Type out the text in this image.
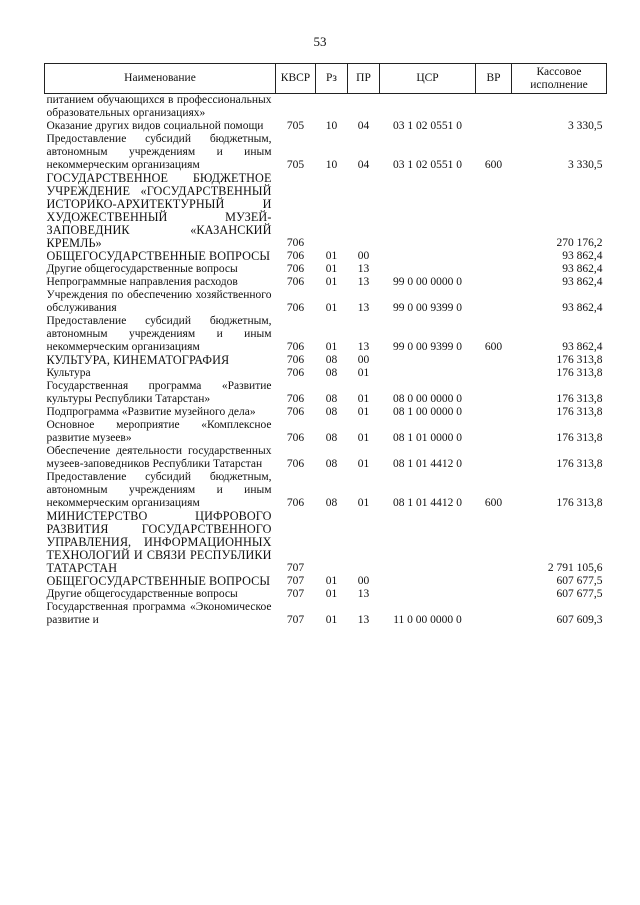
53
Наименование	КВСР	Рз	ПР	ЦСР	ВР	Кассовое исполнение
питанием обучающихся в профессиональных образовательных организациях»						
Оказание других видов социальной помощи	705	10	04	03 1 02 0551 0		3 330,5
Предоставление субсидий бюджетным, автономным учреждениям и иным некоммерческим организациям	705	10	04	03 1 02 0551 0	600	3 330,5
ГОСУДАРСТВЕННОЕ БЮДЖЕТНОЕ УЧРЕЖДЕНИЕ «ГОСУДАРСТВЕННЫЙ ИСТОРИКО-АРХИТЕКТУРНЫЙ И ХУДОЖЕСТВЕННЫЙ МУЗЕЙ-ЗАПОВЕДНИК «КАЗАНСКИЙ КРЕМЛЬ»	706					270 176,2
ОБЩЕГОСУДАРСТВЕННЫЕ ВОПРОСЫ	706	01	00			93 862,4
Другие общегосударственные вопросы	706	01	13			93 862,4
Непрограммные направления расходов	706	01	13	99 0 00 0000 0		93 862,4
Учреждения по обеспечению хозяйственного обслуживания	706	01	13	99 0 00 9399 0		93 862,4
Предоставление субсидий бюджетным, автономным учреждениям и иным некоммерческим организациям	706	01	13	99 0 00 9399 0	600	93 862,4
КУЛЬТУРА, КИНЕМАТОГРАФИЯ	706	08	00			176 313,8
Культура	706	08	01			176 313,8
Государственная программа «Развитие культуры Республики Татарстан»	706	08	01	08 0 00 0000 0		176 313,8
Подпрограмма «Развитие музейного дела»	706	08	01	08 1 00 0000 0		176 313,8
Основное мероприятие «Комплексное развитие музеев»	706	08	01	08 1 01 0000 0		176 313,8
Обеспечение деятельности государственных музеев-заповедников Республики Татарстан	706	08	01	08 1 01 4412 0		176 313,8
Предоставление субсидий бюджетным, автономным учреждениям и иным некоммерческим организациям	706	08	01	08 1 01 4412 0	600	176 313,8
МИНИСТЕРСТВО ЦИФРОВОГО РАЗВИТИЯ ГОСУДАРСТВЕННОГО УПРАВЛЕНИЯ, ИНФОРМАЦИОННЫХ ТЕХНОЛОГИЙ И СВЯЗИ РЕСПУБЛИКИ ТАТАРСТАН	707					2 791 105,6
ОБЩЕГОСУДАРСТВЕННЫЕ ВОПРОСЫ	707	01	00			607 677,5
Другие общегосударственные вопросы	707	01	13			607 677,5
Государственная программа «Экономическое развитие и	707	01	13	11 0 00 0000 0		607 609,3
